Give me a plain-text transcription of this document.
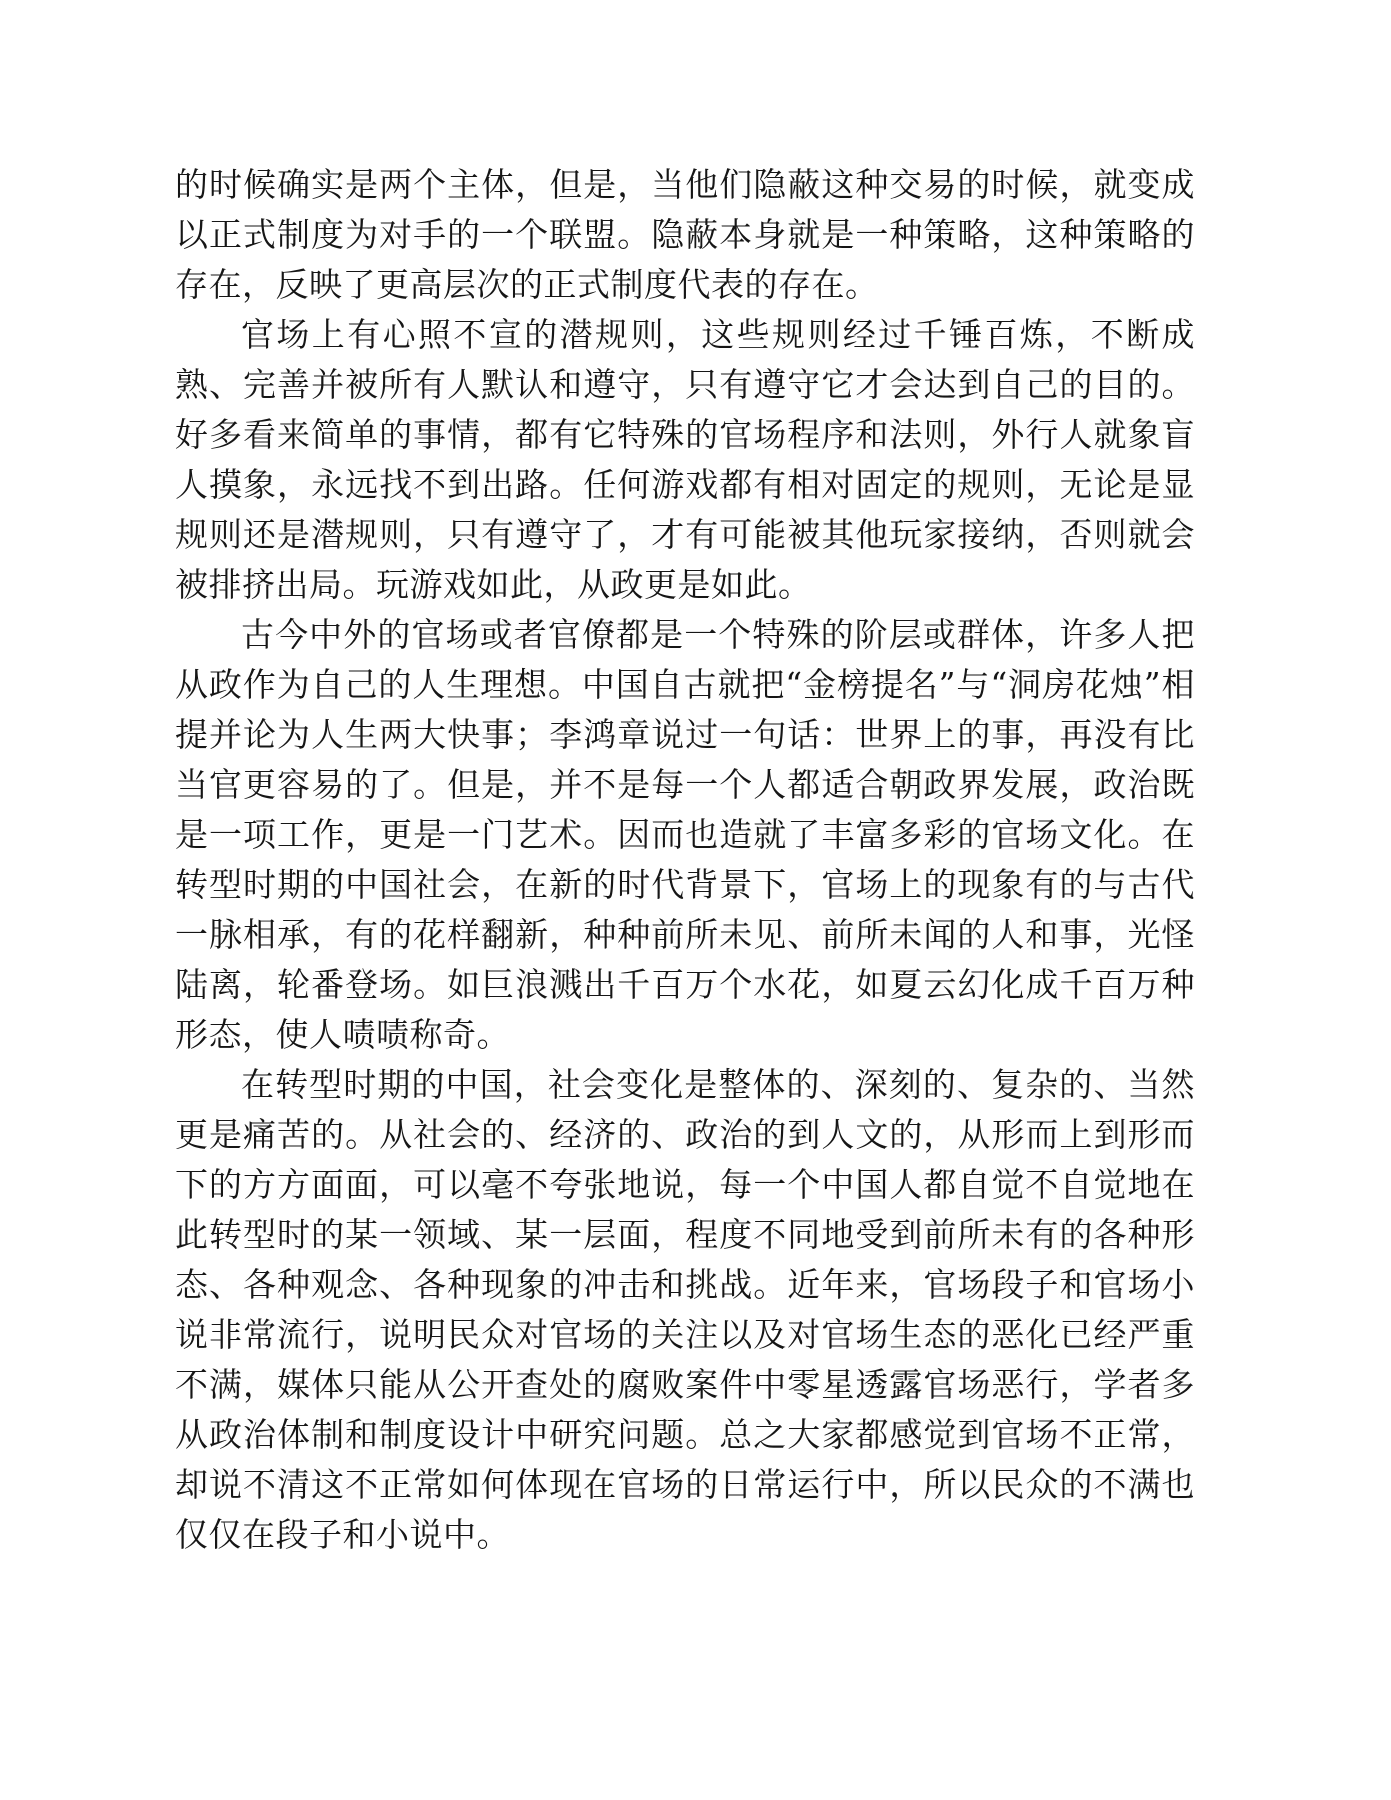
的时候确实是两个主体，但是，当他们隐蔽这种交易的时候，就变成以正式制度为对手的一个联盟。隐蔽本身就是一种策略，这种策略的存在，反映了更高层次的正式制度代表的存在。

官场上有心照不宣的潜规则，这些规则经过千锤百炼，不断成熟、完善并被所有人默认和遵守，只有遵守它才会达到自己的目的。好多看来简单的事情，都有它特殊的官场程序和法则，外行人就象盲人摸象，永远找不到出路。任何游戏都有相对固定的规则，无论是显规则还是潜规则，只有遵守了，才有可能被其他玩家接纳，否则就会被排挤出局。玩游戏如此，从政更是如此。

古今中外的官场或者官僚都是一个特殊的阶层或群体，许多人把从政作为自己的人生理想。中国自古就把“金榜提名”与“洞房花烛”相提并论为人生两大快事；李鸿章说过一句话：世界上的事，再没有比当官更容易的了。但是，并不是每一个人都适合朝政界发展，政治既是一项工作，更是一门艺术。因而也造就了丰富多彩的官场文化。在转型时期的中国社会，在新的时代背景下，官场上的现象有的与古代一脉相承，有的花样翻新，种种前所未见、前所未闻的人和事，光怪陆离，轮番登场。如巨浪溅出千百万个水花，如夏云幻化成千百万种形态，使人啧啧称奇。

在转型时期的中国，社会变化是整体的、深刻的、复杂的、当然更是痛苦的。从社会的、经济的、政治的到人文的，从形而上到形而下的方方面面，可以毫不夸张地说，每一个中国人都自觉不自觉地在此转型时的某一领域、某一层面，程度不同地受到前所未有的各种形态、各种观念、各种现象的冲击和挑战。近年来，官场段子和官场小说非常流行，说明民众对官场的关注以及对官场生态的恶化已经严重不满，媒体只能从公开查处的腐败案件中零星透露官场恶行，学者多从政治体制和制度设计中研究问题。总之大家都感觉到官场不正常，却说不清这不正常如何体现在官场的日常运行中，所以民众的不满也仅仅在段子和小说中。
